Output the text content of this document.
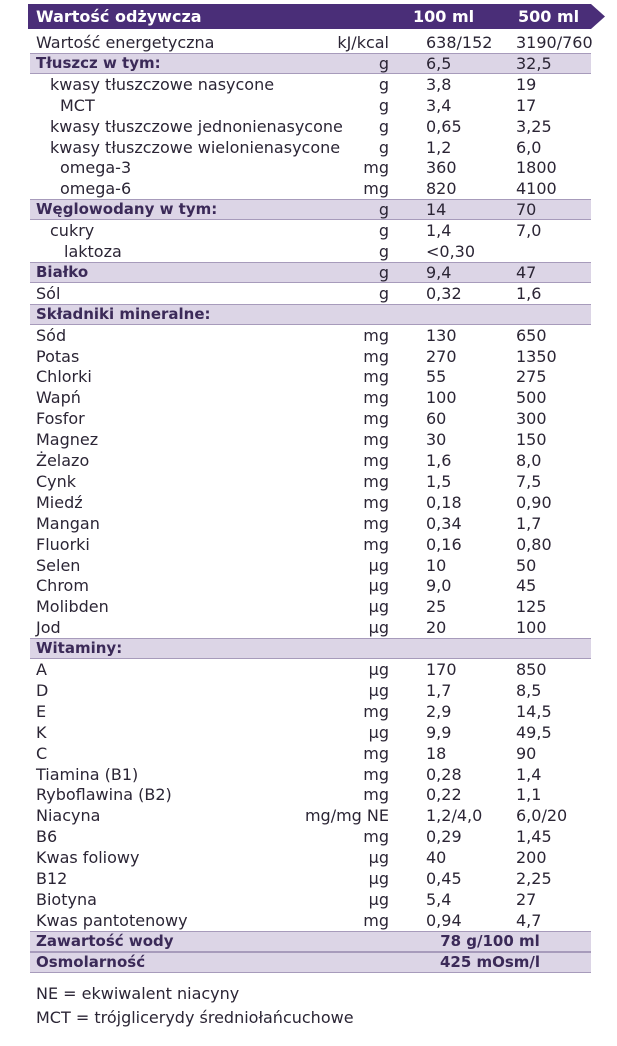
Wartość odżywcza	100 ml	500 ml
Wartość energetyczna	kJ/kcal 638/152 3190/760
Tłuszcz w tym:	g 6,5	32,5
kwasy tłuszczowe nasycone	g 3,8	19
MCT	g 3,4	17
kwasy tłuszczowe jednonienasycone g 0,65	3,25
kwasy tłuszczowe wielonienasycone g 1,2	6,0
omega-3	mg 360	1800
omega-6	mg 820	4100
Węglowodany w tym:	g 14	70
cukry	g 1,4	7,0
laktoza	g <0,30
Białko	g 9,4	47
Sól	g 0,32	1,6
Składniki mineralne:
Sód	mg 130	650
Potas	mg 270	1350
Chlorki	mg 55	275
Wapń	mg 100	500
Fosfor	mg 60	300
Magnez	mg 30	150
Żelazo	mg 1,6	8,0
Cynk	mg 1,5	7,5
Miedź	mg 0,18	0,90
Mangan	mg 0,34	1,7
Fluorki	mg 0,16	0,80
Selen	µg 10	50
Chrom	µg 9,0	45
Molibden	µg 25	125
Jod	µg 20	100
Witaminy:
A	µg 170	850
D	µg 1,7	8,5
E	mg 2,9	14,5
K	µg 9,9	49,5
C	mg 18	90
Tiamina (B1)	mg 0,28	1,4
Ryboflawina (B2)	mg 0,22	1,1
Niacyna	mg/mg NE 1,2/4,0 6,0/20
B6	mg 0,29	1,45
Kwas foliowy	µg 40	200
B12	µg 0,45	2,25
Biotyna	µg 5,4	27
Kwas pantotenowy	mg 0,94	4,7
Zawartość wody	78 g/100 ml
Osmolarność	425 mOsm/l
NE = ekwiwalent niacyny
MCT = trójglicerydy średniołańcuchowe
